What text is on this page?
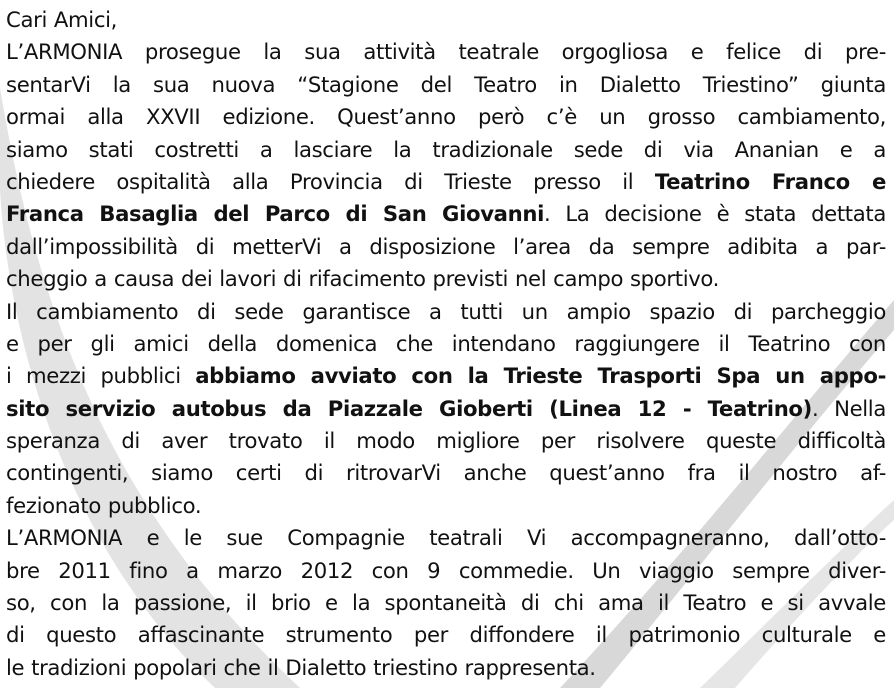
Cari Amici,
L’ARMONIA prosegue la sua attività teatrale orgogliosa e felice di pre-
sentarVi la sua nuova “Stagione del Teatro in Dialetto Triestino” giunta
ormai alla XXVII edizione. Quest’anno però c’è un grosso cambiamento,
siamo stati costretti a lasciare la tradizionale sede di via Ananian e a
chiedere ospitalità alla Provincia di Trieste presso il Teatrino Franco e
Franca Basaglia del Parco di San Giovanni. La decisione è stata dettata
dall’impossibilità di metterVi a disposizione l’area da sempre adibita a par-
cheggio a causa dei lavori di rifacimento previsti nel campo sportivo.
Il cambiamento di sede garantisce a tutti un ampio spazio di parcheggio
e per gli amici della domenica che intendano raggiungere il Teatrino con
i mezzi pubblici abbiamo avviato con la Trieste Trasporti Spa un appo-
sito servizio autobus da Piazzale Gioberti (Linea 12 - Teatrino). Nella
speranza di aver trovato il modo migliore per risolvere queste difficoltà
contingenti, siamo certi di ritrovarVi anche quest’anno fra il nostro af-
fezionato pubblico.
L’ARMONIA e le sue Compagnie teatrali Vi accompagneranno, dall’otto-
bre 2011 fino a marzo 2012 con 9 commedie. Un viaggio sempre diver-
so, con la passione, il brio e la spontaneità di chi ama il Teatro e si avvale
di questo affascinante strumento per diffondere il patrimonio culturale e
le tradizioni popolari che il Dialetto triestino rappresenta.
